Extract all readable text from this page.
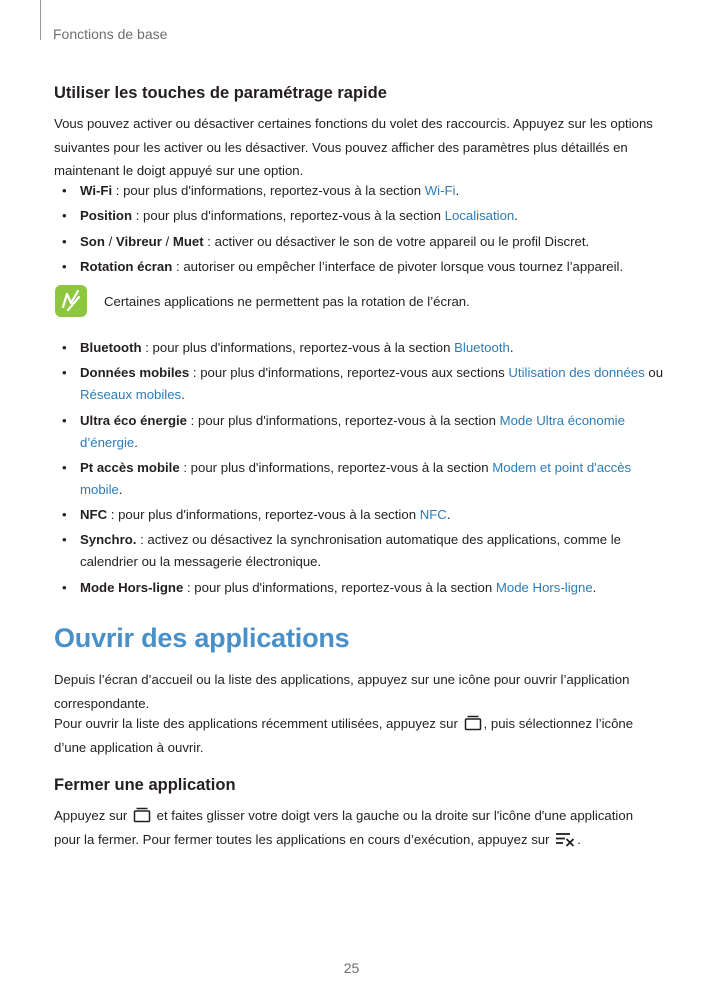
Fonctions de base
Utiliser les touches de paramétrage rapide

Vous pouvez activer ou désactiver certaines fonctions du volet des raccourcis. Appuyez sur les options suivantes pour les activer ou les désactiver. Vous pouvez afficher des paramètres plus détaillés en maintenant le doigt appuyé sur une option.

• Wi-Fi : pour plus d'informations, reportez-vous à la section Wi-Fi.
• Position : pour plus d'informations, reportez-vous à la section Localisation.
• Son / Vibreur / Muet : activer ou désactiver le son de votre appareil ou le profil Discret.
• Rotation écran : autoriser ou empêcher l’interface de pivoter lorsque vous tournez l’appareil.
Certaines applications ne permettent pas la rotation de l’écran.
• Bluetooth : pour plus d'informations, reportez-vous à la section Bluetooth.
• Données mobiles : pour plus d'informations, reportez-vous aux sections Utilisation des données ou Réseaux mobiles.
• Ultra éco énergie : pour plus d'informations, reportez-vous à la section Mode Ultra économie d’énergie.
• Pt accès mobile : pour plus d'informations, reportez-vous à la section Modem et point d'accès mobile.
• NFC : pour plus d'informations, reportez-vous à la section NFC.
• Synchro. : activez ou désactivez la synchronisation automatique des applications, comme le calendrier ou la messagerie électronique.
• Mode Hors-ligne : pour plus d'informations, reportez-vous à la section Mode Hors-ligne.
Ouvrir des applications

Depuis l’écran d’accueil ou la liste des applications, appuyez sur une icône pour ouvrir l’application correspondante.

Pour ouvrir la liste des applications récemment utilisées, appuyez sur , puis sélectionnez l’icône d’une application à ouvrir.

Fermer une application

Appuyez sur  et faites glisser votre doigt vers la gauche ou la droite sur l'icône d'une application pour la fermer. Pour fermer toutes les applications en cours d’exécution, appuyez sur .

25
